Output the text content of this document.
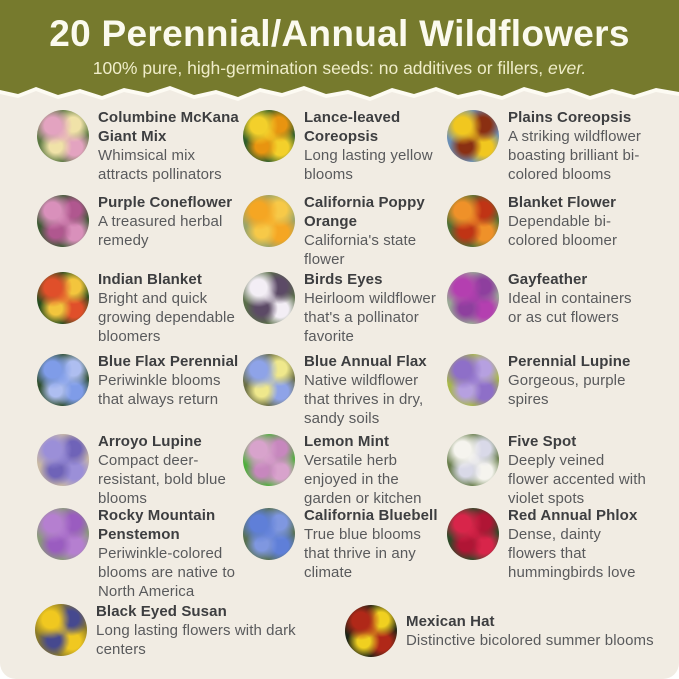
20 Perennial/Annual Wildflowers

100% pure, high-germination seeds: no additives or fillers, ever.

Columbine McKana Giant Mix
Whimsical mix attracts pollinators
Lance-leaved Coreopsis
Long lasting yellow blooms
Plains Coreopsis
A striking wildflower boasting brilliant bi-colored blooms
Purple Coneflower
A treasured herbal remedy
California Poppy Orange
California's state flower
Blanket Flower
Dependable bi-colored bloomer
Indian Blanket
Bright and quick growing dependable bloomers
Birds Eyes
Heirloom wildflower that's a pollinator favorite
Gayfeather
Ideal in containers or as cut flowers
Blue Flax Perennial
Periwinkle blooms that always return
Blue Annual Flax
Native wildflower that thrives in dry, sandy soils
Perennial Lupine
Gorgeous, purple spires
Arroyo Lupine
Compact deer-resistant, bold blue blooms
Lemon Mint
Versatile herb enjoyed in the garden or kitchen
Five Spot
Deeply veined flower accented with violet spots
Rocky Mountain Penstemon
Periwinkle-colored blooms are native to North America
California Bluebell
True blue blooms that thrive in any climate
Red Annual Phlox
Dense, dainty flowers that hummingbirds love
Black Eyed Susan
Long lasting flowers with dark centers
Mexican Hat
Distinctive bicolored summer blooms
